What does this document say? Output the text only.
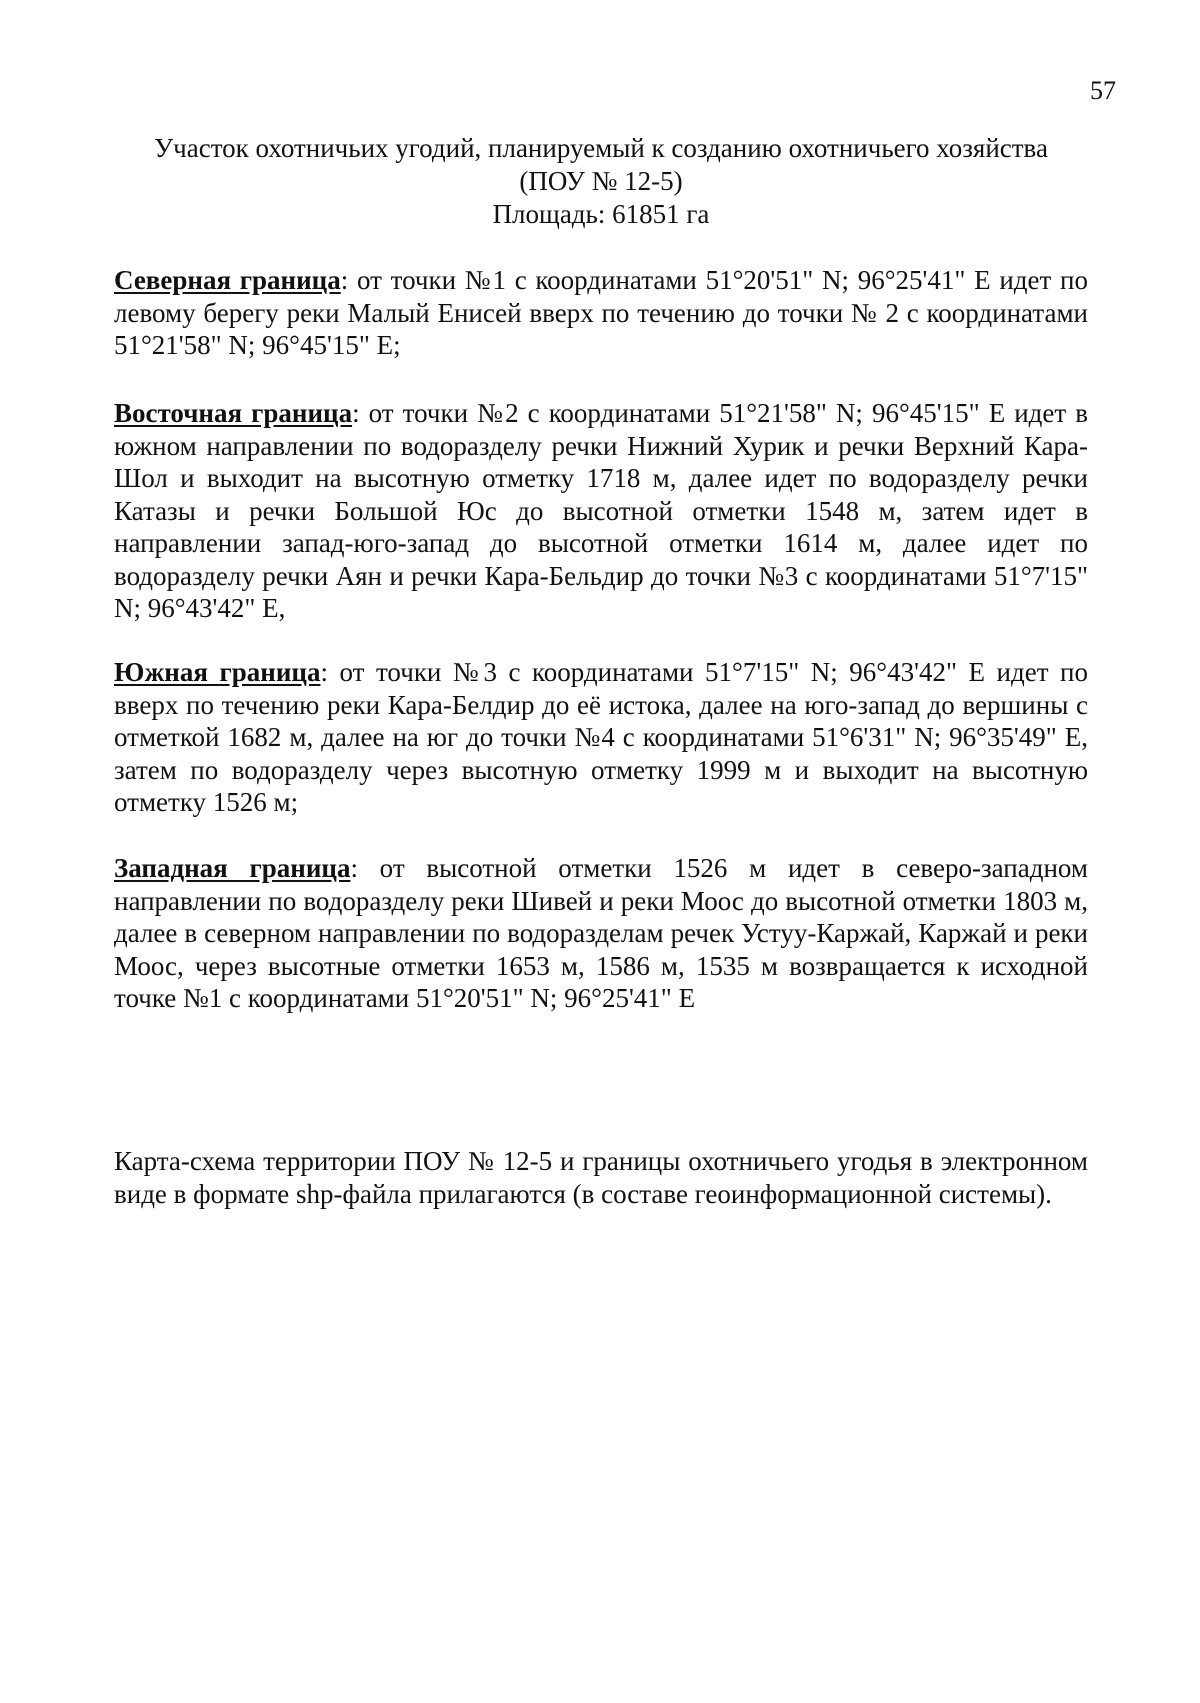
57
Участок охотничьих угодий, планируемый к созданию охотничьего хозяйства
(ПОУ № 12-5)
Площадь: 61851 га
Северная граница: от точки №1 с координатами 51°20'51" N; 96°25'41" E идет по левому берегу реки Малый Енисей вверх по течению до точки № 2 с координатами 51°21'58" N; 96°45'15" E;
Восточная граница: от точки №2 с координатами 51°21'58" N; 96°45'15" E идет в южном направлении по водоразделу речки Нижний Хурик и речки Верхний Кара-Шол и выходит на высотную отметку 1718 м, далее идет по водоразделу речки Катазы и речки Большой Юс до высотной отметки 1548 м, затем идет в направлении запад-юго-запад до высотной отметки 1614 м, далее идет по водоразделу речки Аян и речки Кара-Бельдир до точки №3 с координатами 51°7'15" N; 96°43'42" E,
Южная граница: от точки №3 с координатами 51°7'15" N; 96°43'42" E идет по вверх по течению реки Кара-Белдир до её истока, далее на юго-запад до вершины с отметкой 1682 м, далее на юг до точки №4 с координатами 51°6'31" N; 96°35'49" E, затем по водоразделу через высотную отметку 1999 м и выходит на высотную отметку 1526 м;
Западная граница: от высотной отметки 1526 м идет в северо-западном направлении по водоразделу реки Шивей и реки Моос до высотной отметки 1803 м, далее в северном направлении по водоразделам речек Устуу-Каржай, Каржай и реки Моос, через высотные отметки 1653 м, 1586 м, 1535 м возвращается к исходной точке №1 с координатами 51°20'51" N; 96°25'41" E
Карта-схема территории ПОУ № 12-5 и границы охотничьего угодья в электронном виде в формате shp-файла прилагаются (в составе геоинформационной системы).
